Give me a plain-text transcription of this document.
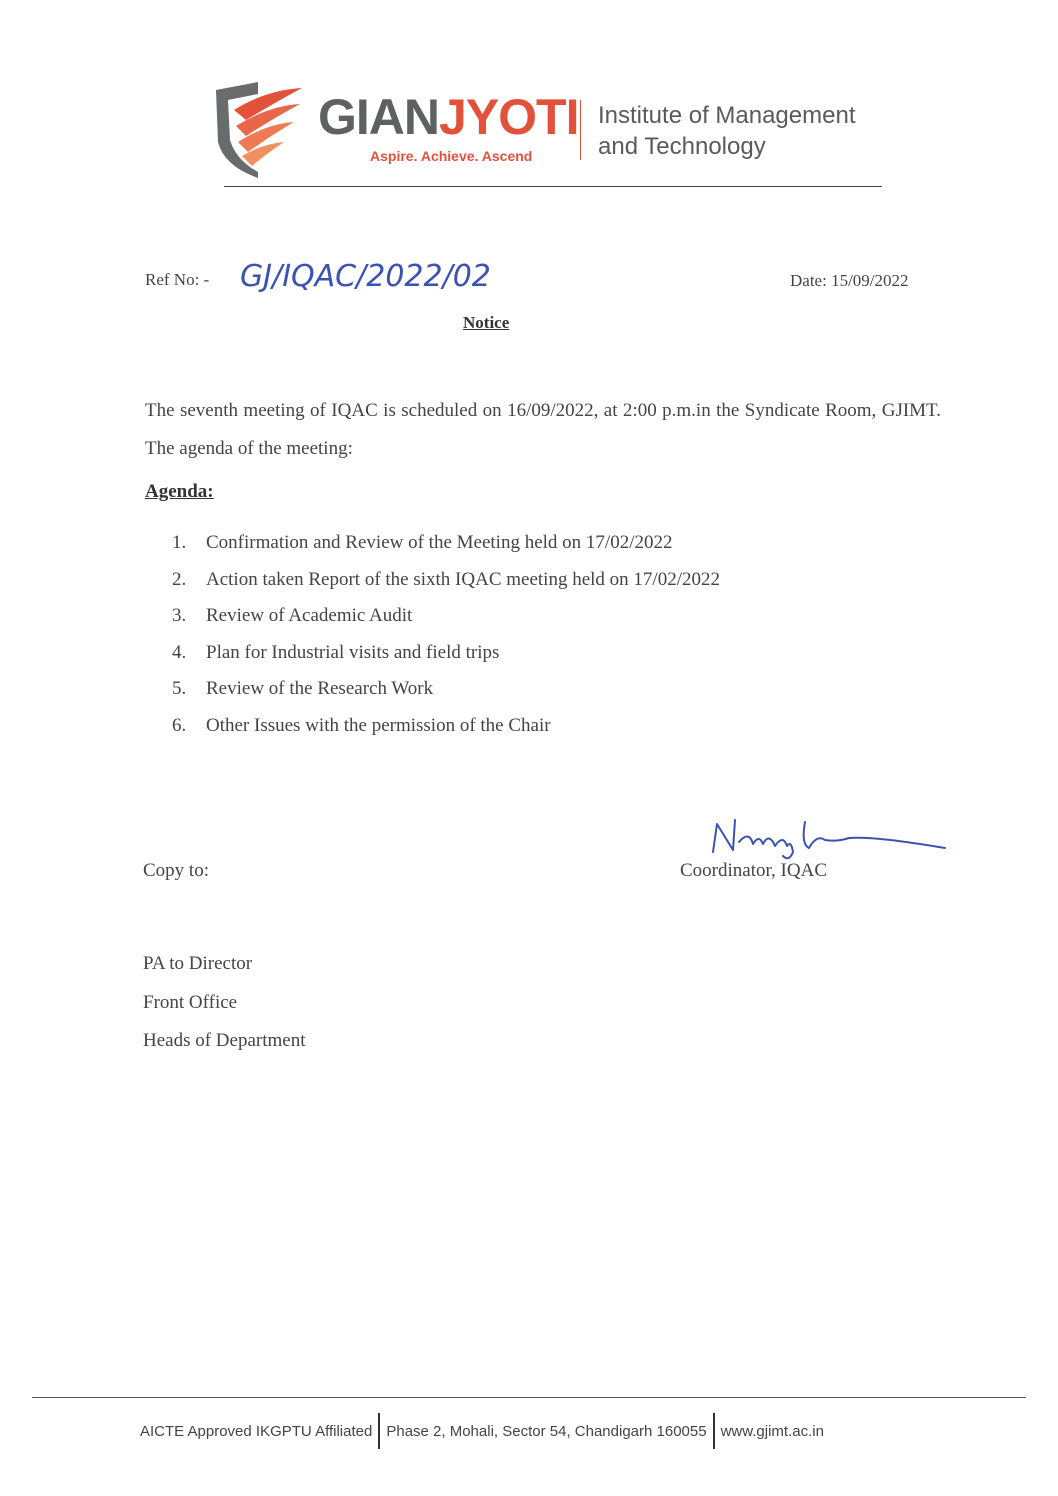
GIANJYOTI
Aspire. Achieve. Ascend
Institute of Management
and Technology
Ref No: - GJ/IQAC/2022/02	Date: 15/09/2022
Notice
The seventh meeting of IQAC is scheduled on 16/09/2022, at 2:00 p.m.in the Syndicate Room, GJIMT. The agenda of the meeting:
Agenda:
1. Confirmation and Review of the Meeting held on 17/02/2022
2. Action taken Report of the sixth IQAC meeting held on 17/02/2022
3. Review of Academic Audit
4. Plan for Industrial visits and field trips
5. Review of the Research Work
6. Other Issues with the permission of the Chair
Coordinator, IQAC
Copy to:
PA to Director
Front Office
Heads of Department
AICTE Approved IKGPTU Affiliated Phase 2, Mohali, Sector 54, Chandigarh 160055 www.gjimt.ac.in
